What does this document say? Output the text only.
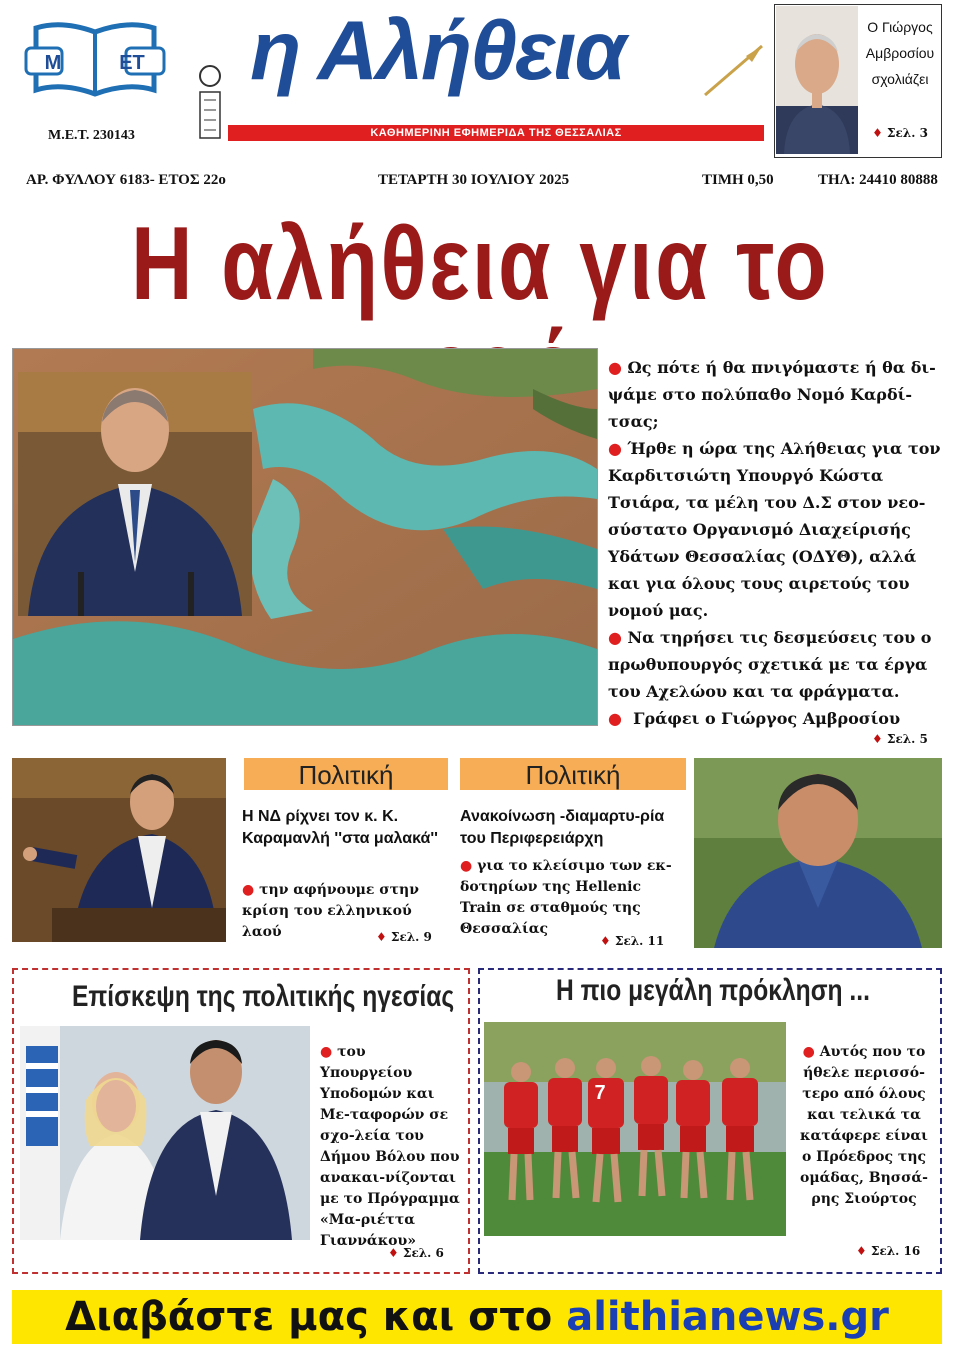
Μ	ΕΤ
Μ.Ε.Τ. 230143
η Αλήθεια
ΚΑΘΗΜΕΡΙΝΗ ΕΦΗΜΕΡΙΔΑ ΤΗΣ ΘΕΣΣΑΛΙΑΣ
Ο Γιώργος
Αμβροσίου
σχολιάζει
♦ Σελ. 3
ΑΡ. ΦΥΛΛΟΥ 6183- ΕΤΟΣ 22ο	ΤΕΤΑΡΤΗ 30 ΙΟΥΛΙΟΥ 2025	ΤΙΜΗ 0,50	ΤΗΛ: 24410 80888
Η αλήθεια για το

● Ως πότε ή θα πνιγόμαστε ή θα δι-ψάμε στο πολύπαθο Νομό Καρδί-τσας;

● Ήρθε η ώρα της Αλήθειας για τον Καρδιτσιώτη Υπουργό Κώστα Τσιάρα, τα μέλη του Δ.Σ στον νεο-σύστατο Οργανισμό Διαχείρισής Υδάτων Θεσσαλίας (ΟΔΥΘ), αλλά και για όλους τους αιρετούς του νομού μας.

● Να τηρήσει τις δεσμεύσεις του ο πρωθυπουργός σχετικά με τα έργα του Αχελώου και τα φράγματα.

● Γράφει ο Γιώργος Αμβροσίου

♦ Σελ. 5
Πολιτική
Η ΝΔ ρίχνει τον κ. Κ. Καραμανλή ''στα μαλακά''
● την αφήνουμε στην κρίση του ελληνικού λαού	♦ Σελ. 9
Πολιτική
Ανακοίνωση -διαμαρτυ-ρία του Περιφερειάρχη
● για το κλείσιμο των εκ-δοτηρίων της Hellenic Train σε σταθμούς της Θεσσαλίας
♦ Σελ. 11
Επίσκεψη της πολιτικής ηγεσίας
● του Υπουργείου Υποδομών και Με-ταφορών σε σχο-λεία του Δήμου Βόλου που ανακαι-νίζονται με το Πρόγραμμα «Μα-ριέττα Γιαννάκου»
♦ Σελ. 6
Η πιο μεγάλη πρόκληση ...
7
● Αυτός που το ήθελε περισσό-τερο από όλους και τελικά τα κατάφερε είναι ο Πρόεδρος της ομάδας, Βησσά-ρης Σιούρτος
♦ Σελ. 16
Διαβάστε μας και στο alithianews.gr
